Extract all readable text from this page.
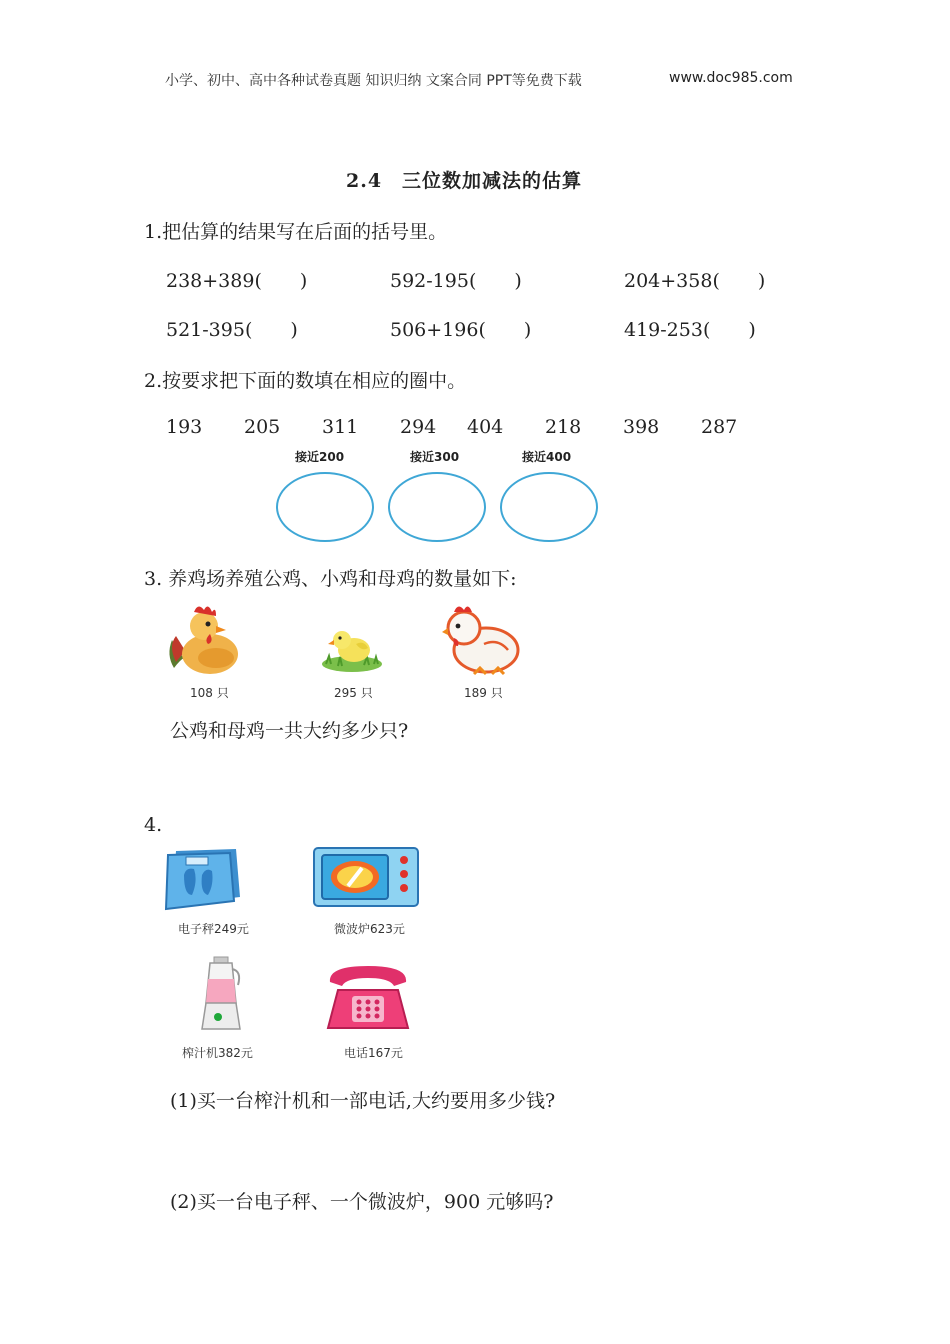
小学、初中、高中各种试卷真题 知识归纳 文案合同 PPT等免费下载	www.doc985.com
2.4　三位数加减法的估算
1.把估算的结果写在后面的括号里。
238+389(　　)	592-195(　　)	204+358(　　)
521-395(　　)	506+196(　　)	419-253(　　)
2.按要求把下面的数填在相应的圈中。
193 205 311 294 404 218 398 287
接近200	接近300	接近400
3. 养鸡场养殖公鸡、小鸡和母鸡的数量如下:
108 只	295 只	189 只
公鸡和母鸡一共大约多少只?
4.
电子秤249元	微波炉623元
榨汁机382元	电话167元
(1)买一台榨汁机和一部电话,大约要用多少钱?
(2)买一台电子秤、一个微波炉，900 元够吗?
